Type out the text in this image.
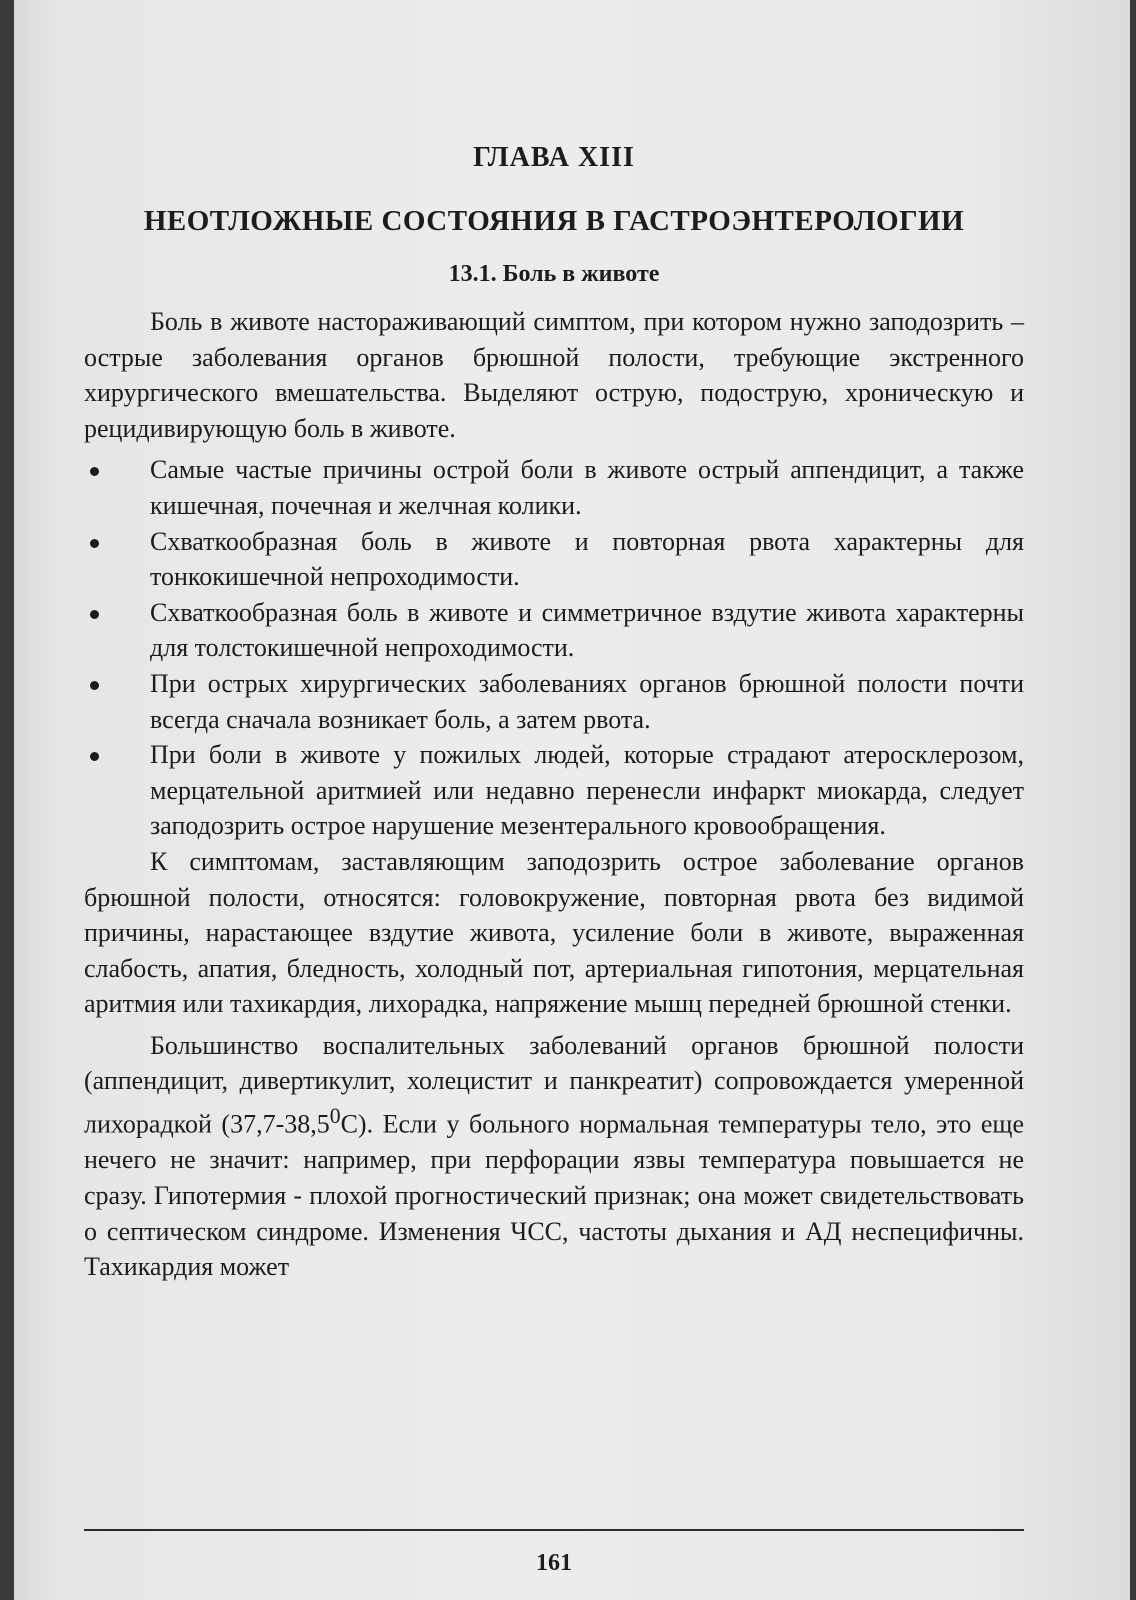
ГЛАВА XIII
НЕОТЛОЖНЫЕ СОСТОЯНИЯ В ГАСТРОЭНТЕРОЛОГИИ
13.1. Боль в животе

Боль в животе настораживающий симптом, при котором нужно заподозрить – острые заболевания органов брюшной полости, требующие экстренного хирургического вмешательства. Выделяют острую, подострую, хроническую и рецидивирующую боль в животе.

Самые частые причины острой боли в животе острый аппендицит, а также кишечная, почечная и желчная колики.
Схваткообразная боль в животе и повторная рвота характерны для тонкокишечной непроходимости.
Схваткообразная боль в животе и симметричное вздутие живота характерны для толстокишечной непроходимости.
При острых хирургических заболеваниях органов брюшной полости почти всегда сначала возникает боль, а затем рвота.
При боли в животе у пожилых людей, которые страдают атеросклерозом, мерцательной аритмией или недавно перенесли инфаркт миокарда, следует заподозрить острое нарушение мезентерального кровообращения.

К симптомам, заставляющим заподозрить острое заболевание органов брюшной полости, относятся: головокружение, повторная рвота без видимой причины, нарастающее вздутие живота, усиление боли в животе, выраженная слабость, апатия, бледность, холодный пот, артериальная гипотония, мерцательная аритмия или тахикардия, лихорадка, напряжение мышц передней брюшной стенки.

Большинство воспалительных заболеваний органов брюшной полости (аппендицит, дивертикулит, холецистит и панкреатит) сопровождается умеренной лихорадкой (37,7-38,5$^0$С). Если у больного нормальная температуры тело, это еще нечего не значит: например, при перфорации язвы температура повышается не сразу. Гипотермия - плохой прогностический признак; она может свидетельствовать о септическом синдроме. Изменения ЧСС, частоты дыхания и АД неспецифичны. Тахикардия может

161
